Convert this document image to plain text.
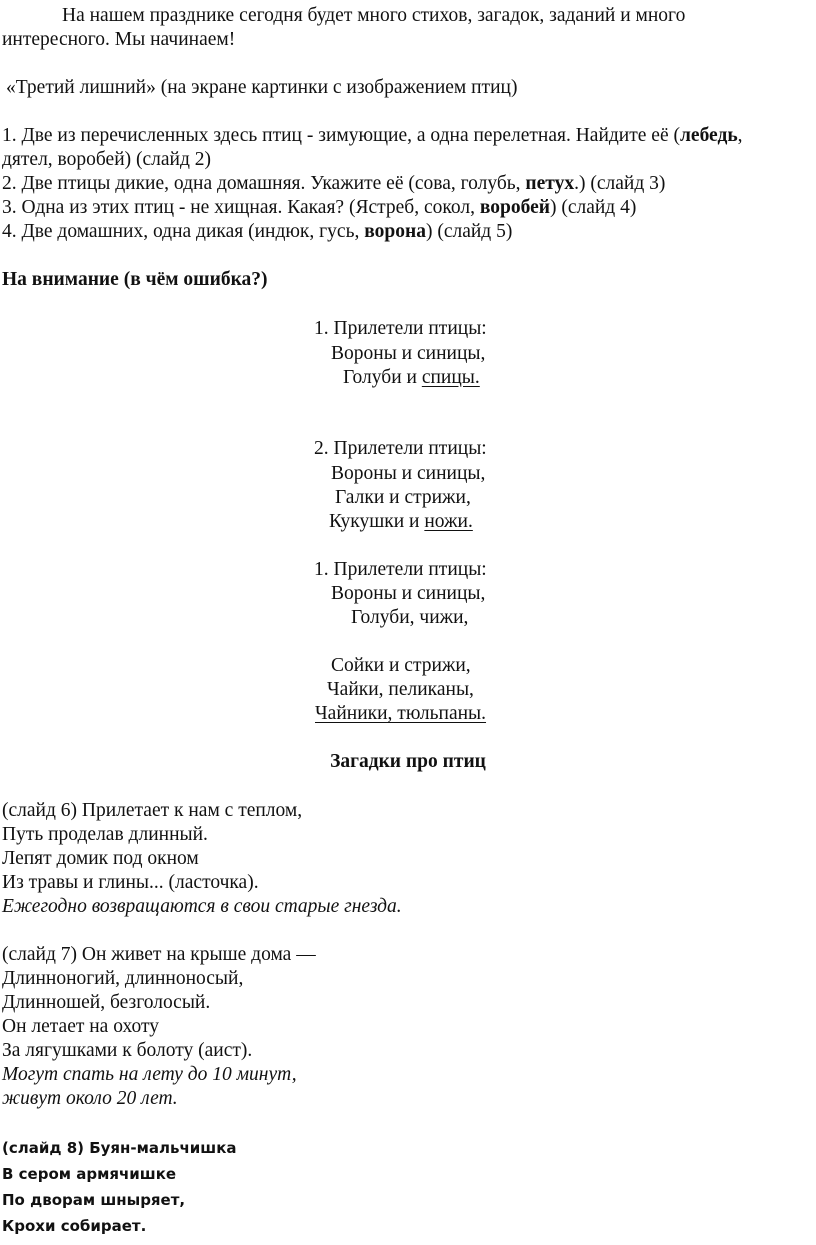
На нашем празднике сегодня будет много стихов, загадок, заданий и много
интересного. Мы начинаем!
«Третий лишний» (на экране картинки с изображением птиц)
1. Две из перечисленных здесь птиц - зимующие, а одна перелетная. Найдите её (лебедь,
дятел, воробей) (слайд 2)
2. Две птицы дикие, одна домашняя. Укажите её (сова, голубь, петух.) (слайд 3)
3. Одна из этих птиц - не хищная. Какая? (Ястреб, сокол, воробей) (слайд 4)
4. Две домашних, одна дикая (индюк, гусь, ворона) (слайд 5)
На внимание (в чём ошибка?)
1. Прилетели птицы:
Вороны и синицы,
Голуби и спицы.
2. Прилетели птицы:
Вороны и синицы,
Галки и стрижи,
Кукушки и ножи.
1. Прилетели птицы:
Вороны и синицы,
Голуби, чижи,
Сойки и стрижи,
Чайки, пеликаны,
Чайники, тюльпаны.
Загадки про птиц
(слайд 6) Прилетает к нам с теплом,
Путь проделав длинный.
Лепят домик под окном
Из травы и глины... (ласточка).
Ежегодно возвращаются в свои старые гнезда.
(слайд 7) Он живет на крыше дома —
Длинноногий, длинноносый,
Длинношей, безголосый.
Он летает на охоту
За лягушками к болоту (аист).
Могут спать на лету до 10 минут,
живут около 20 лет.
(слайд 8) Буян-мальчишка
В сером армячишке
По дворам шныряет,
Крохи собирает.
